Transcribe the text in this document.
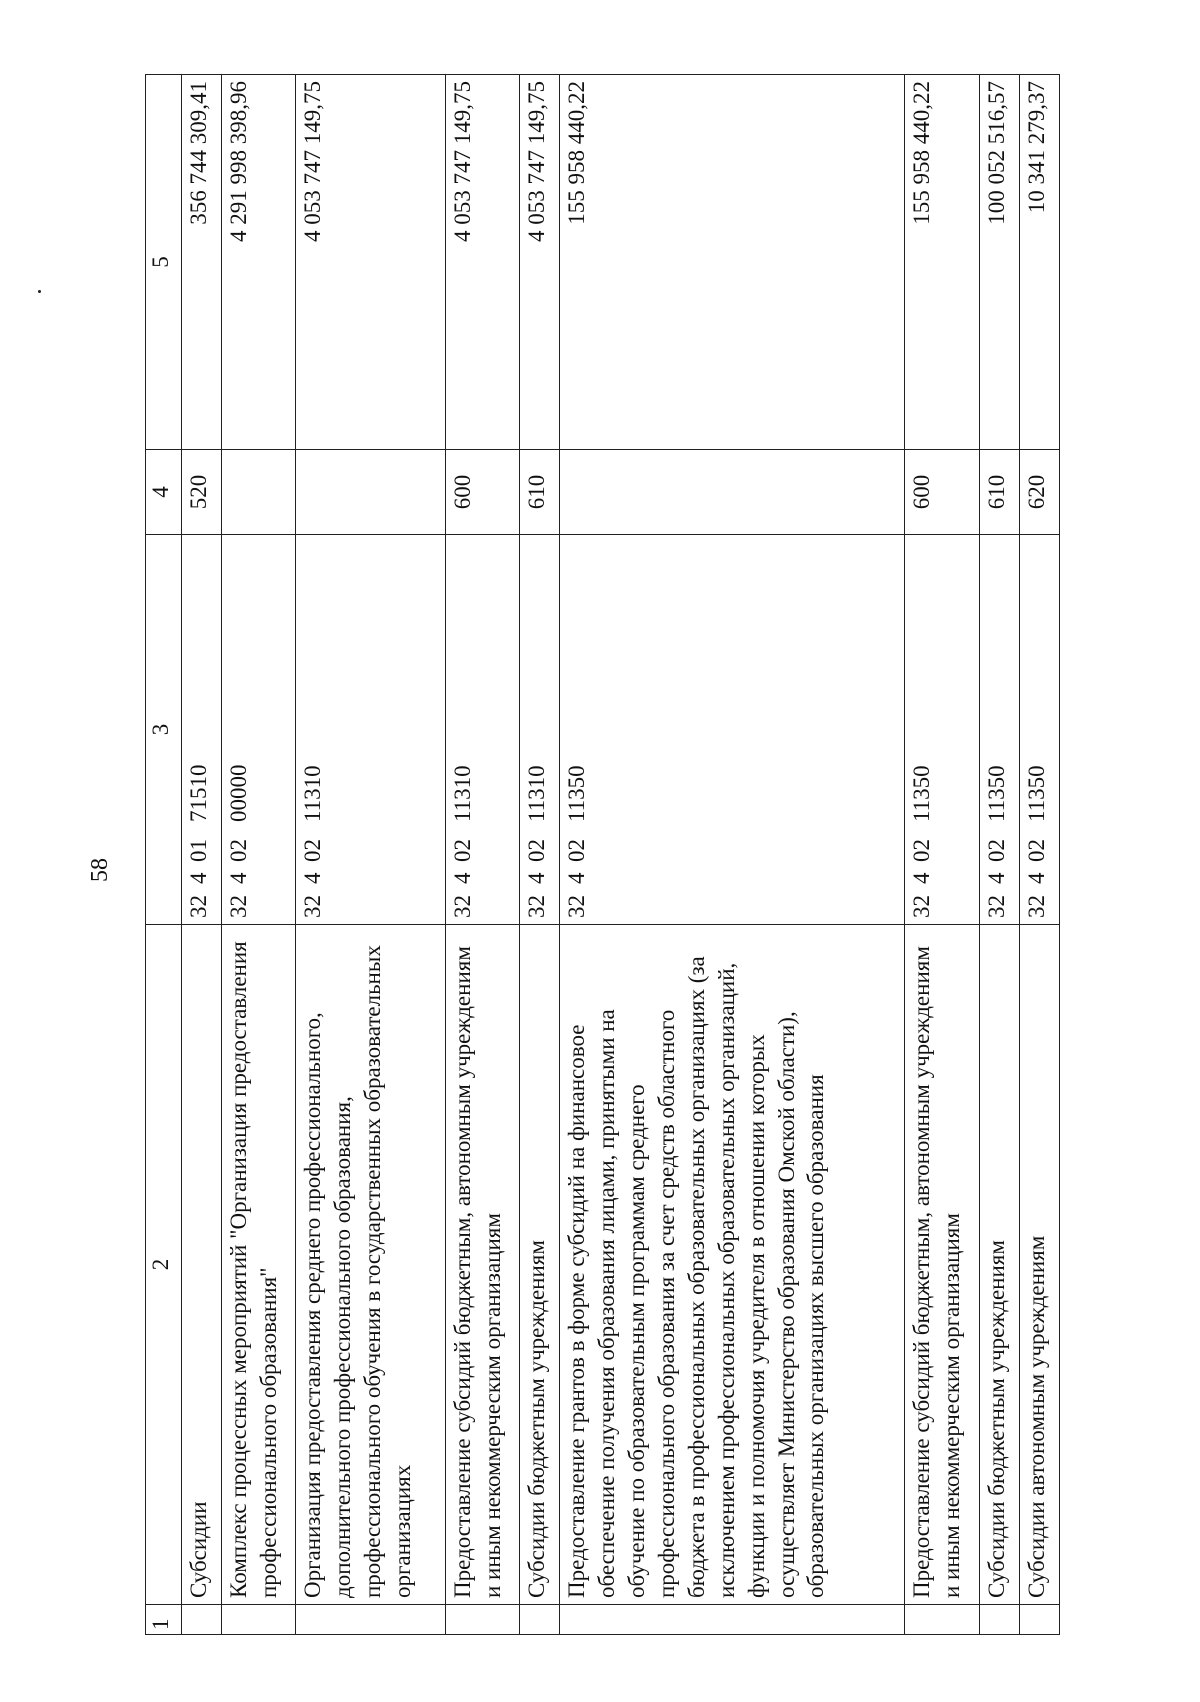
58
1	2	3	4	5
	Субсидии	3240171510	520	356 744 309,41
	Комплекс процессных мероприятий "Организация предоставления профессионального образования"	3240200000		4 291 998 398,96
	Организация предоставления среднего профессионального, дополнительного профессионального образования, профессионального обучения в государственных образовательных организациях	3240211310		4 053 747 149,75
	Предоставление субсидий бюджетным, автономным учреждениям и иным некоммерческим организациям	3240211310	600	4 053 747 149,75
	Субсидии бюджетным учреждениям	3240211310	610	4 053 747 149,75
	Предоставление грантов в форме субсидий на финансовое обеспечение получения образования лицами, принятыми на обучение по образовательным программам среднего профессионального образования за счет средств областного бюджета в профессиональных образовательных организациях (за исключением профессиональных образовательных организаций, функции и полномочия учредителя в отношении которых осуществляет Министерство образования Омской области), образовательных организациях высшего образования	3240211350		155 958 440,22
	Предоставление субсидий бюджетным, автономным учреждениям и иным некоммерческим организациям	3240211350	600	155 958 440,22
	Субсидии бюджетным учреждениям	3240211350	610	100 052 516,57
	Субсидии автономным учреждениям	3240211350	620	10 341 279,37
